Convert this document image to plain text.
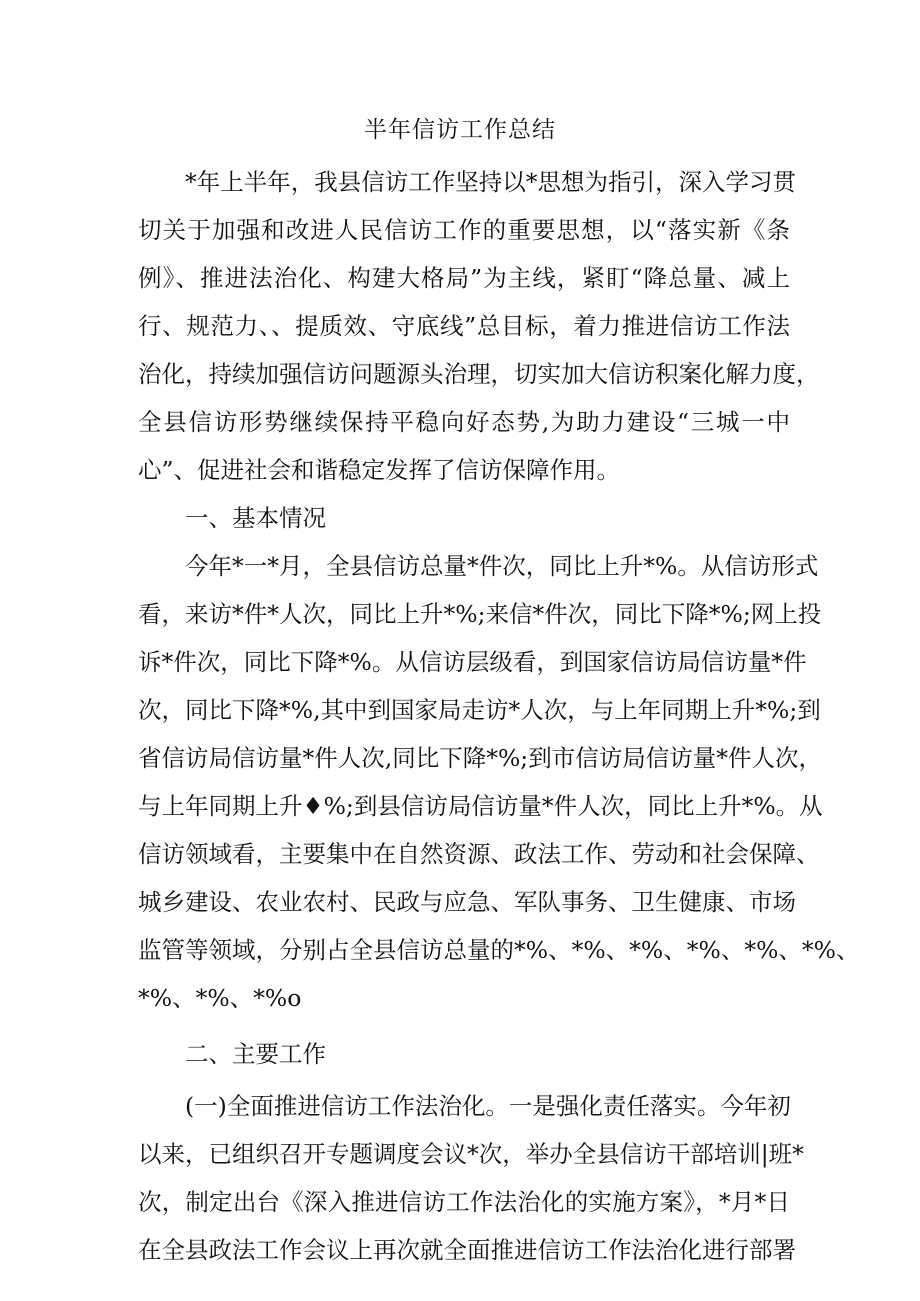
半年信访工作总结

*年上半年，我县信访工作坚持以*思想为指引，深入学习贯

切关于加强和改进人民信访工作的重要思想，以“落实新《条

例》、推进法治化、构建大格局”为主线，紧盯“降总量、减上

行、规范力、、提质效、守底线”总目标，着力推进信访工作法

治化，持续加强信访问题源头治理，切实加大信访积案化解力度，

全县信访形势继续保持平稳向好态势,为助力建设“三城一中

心”、促进社会和谐稳定发挥了信访保障作用。

一、基本情况

今年*一*月，全县信访总量*件次，同比上升*%。从信访形式

看，来访*件*人次，同比上升*%;来信*件次，同比下降*%;网上投

诉*件次，同比下降*%。从信访层级看，到国家信访局信访量*件

次，同比下降*%,其中到国家局走访*人次，与上年同期上升*%;到

省信访局信访量*件人次,同比下降*%;到市信访局信访量*件人次，

与上年同期上升♦%;到县信访局信访量*件人次，同比上升*%。从

信访领域看，主要集中在自然资源、政法工作、劳动和社会保障、

城乡建设、农业农村、民政与应急、军队事务、卫生健康、市场

监管等领域，分别占全县信访总量的*%、*%、*%、*%、*%、*%、

*%、*%、*%o

二、主要工作

(一)全面推进信访工作法治化。一是强化责任落实。今年初

以来，已组织召开专题调度会议*次，举办全县信访干部培训|班*

次，制定出台《深入推进信访工作法治化的实施方案》，*月*日

在全县政法工作会议上再次就全面推进信访工作法治化进行部署
